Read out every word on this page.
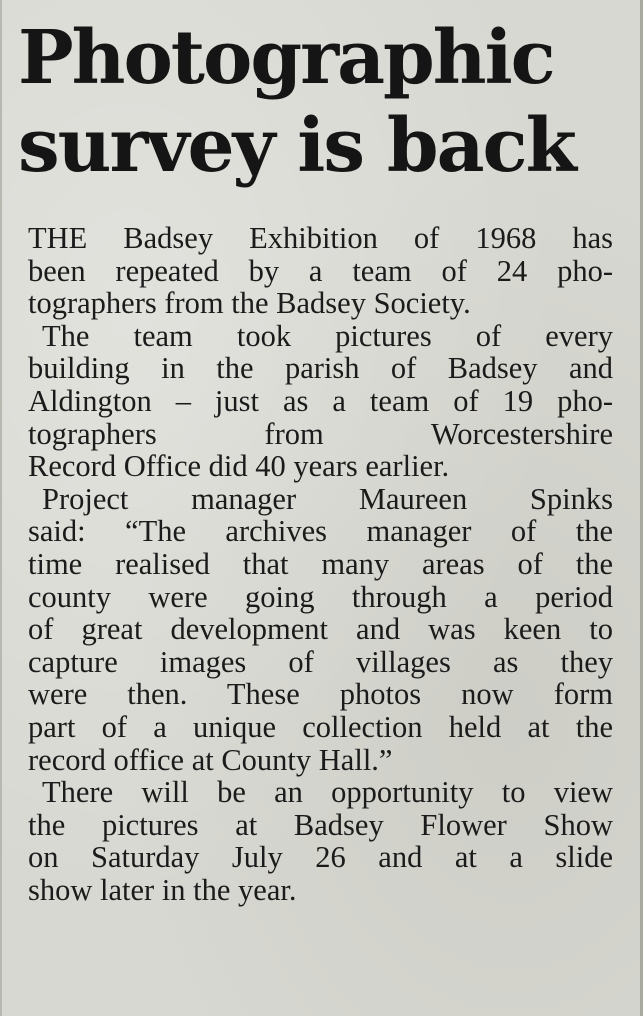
Photographic
survey is back
THE Badsey Exhibition of 1968 has
been repeated by a team of 24 pho-
tographers from the Badsey Society.
The team took pictures of every
building in the parish of Badsey and
Aldington – just as a team of 19 pho-
tographers from Worcestershire
Record Office did 40 years earlier.
Project manager Maureen Spinks
said: “The archives manager of the
time realised that many areas of the
county were going through a period
of great development and was keen to
capture images of villages as they
were then. These photos now form
part of a unique collection held at the
record office at County Hall.”
There will be an opportunity to view
the pictures at Badsey Flower Show
on Saturday July 26 and at a slide
show later in the year.
